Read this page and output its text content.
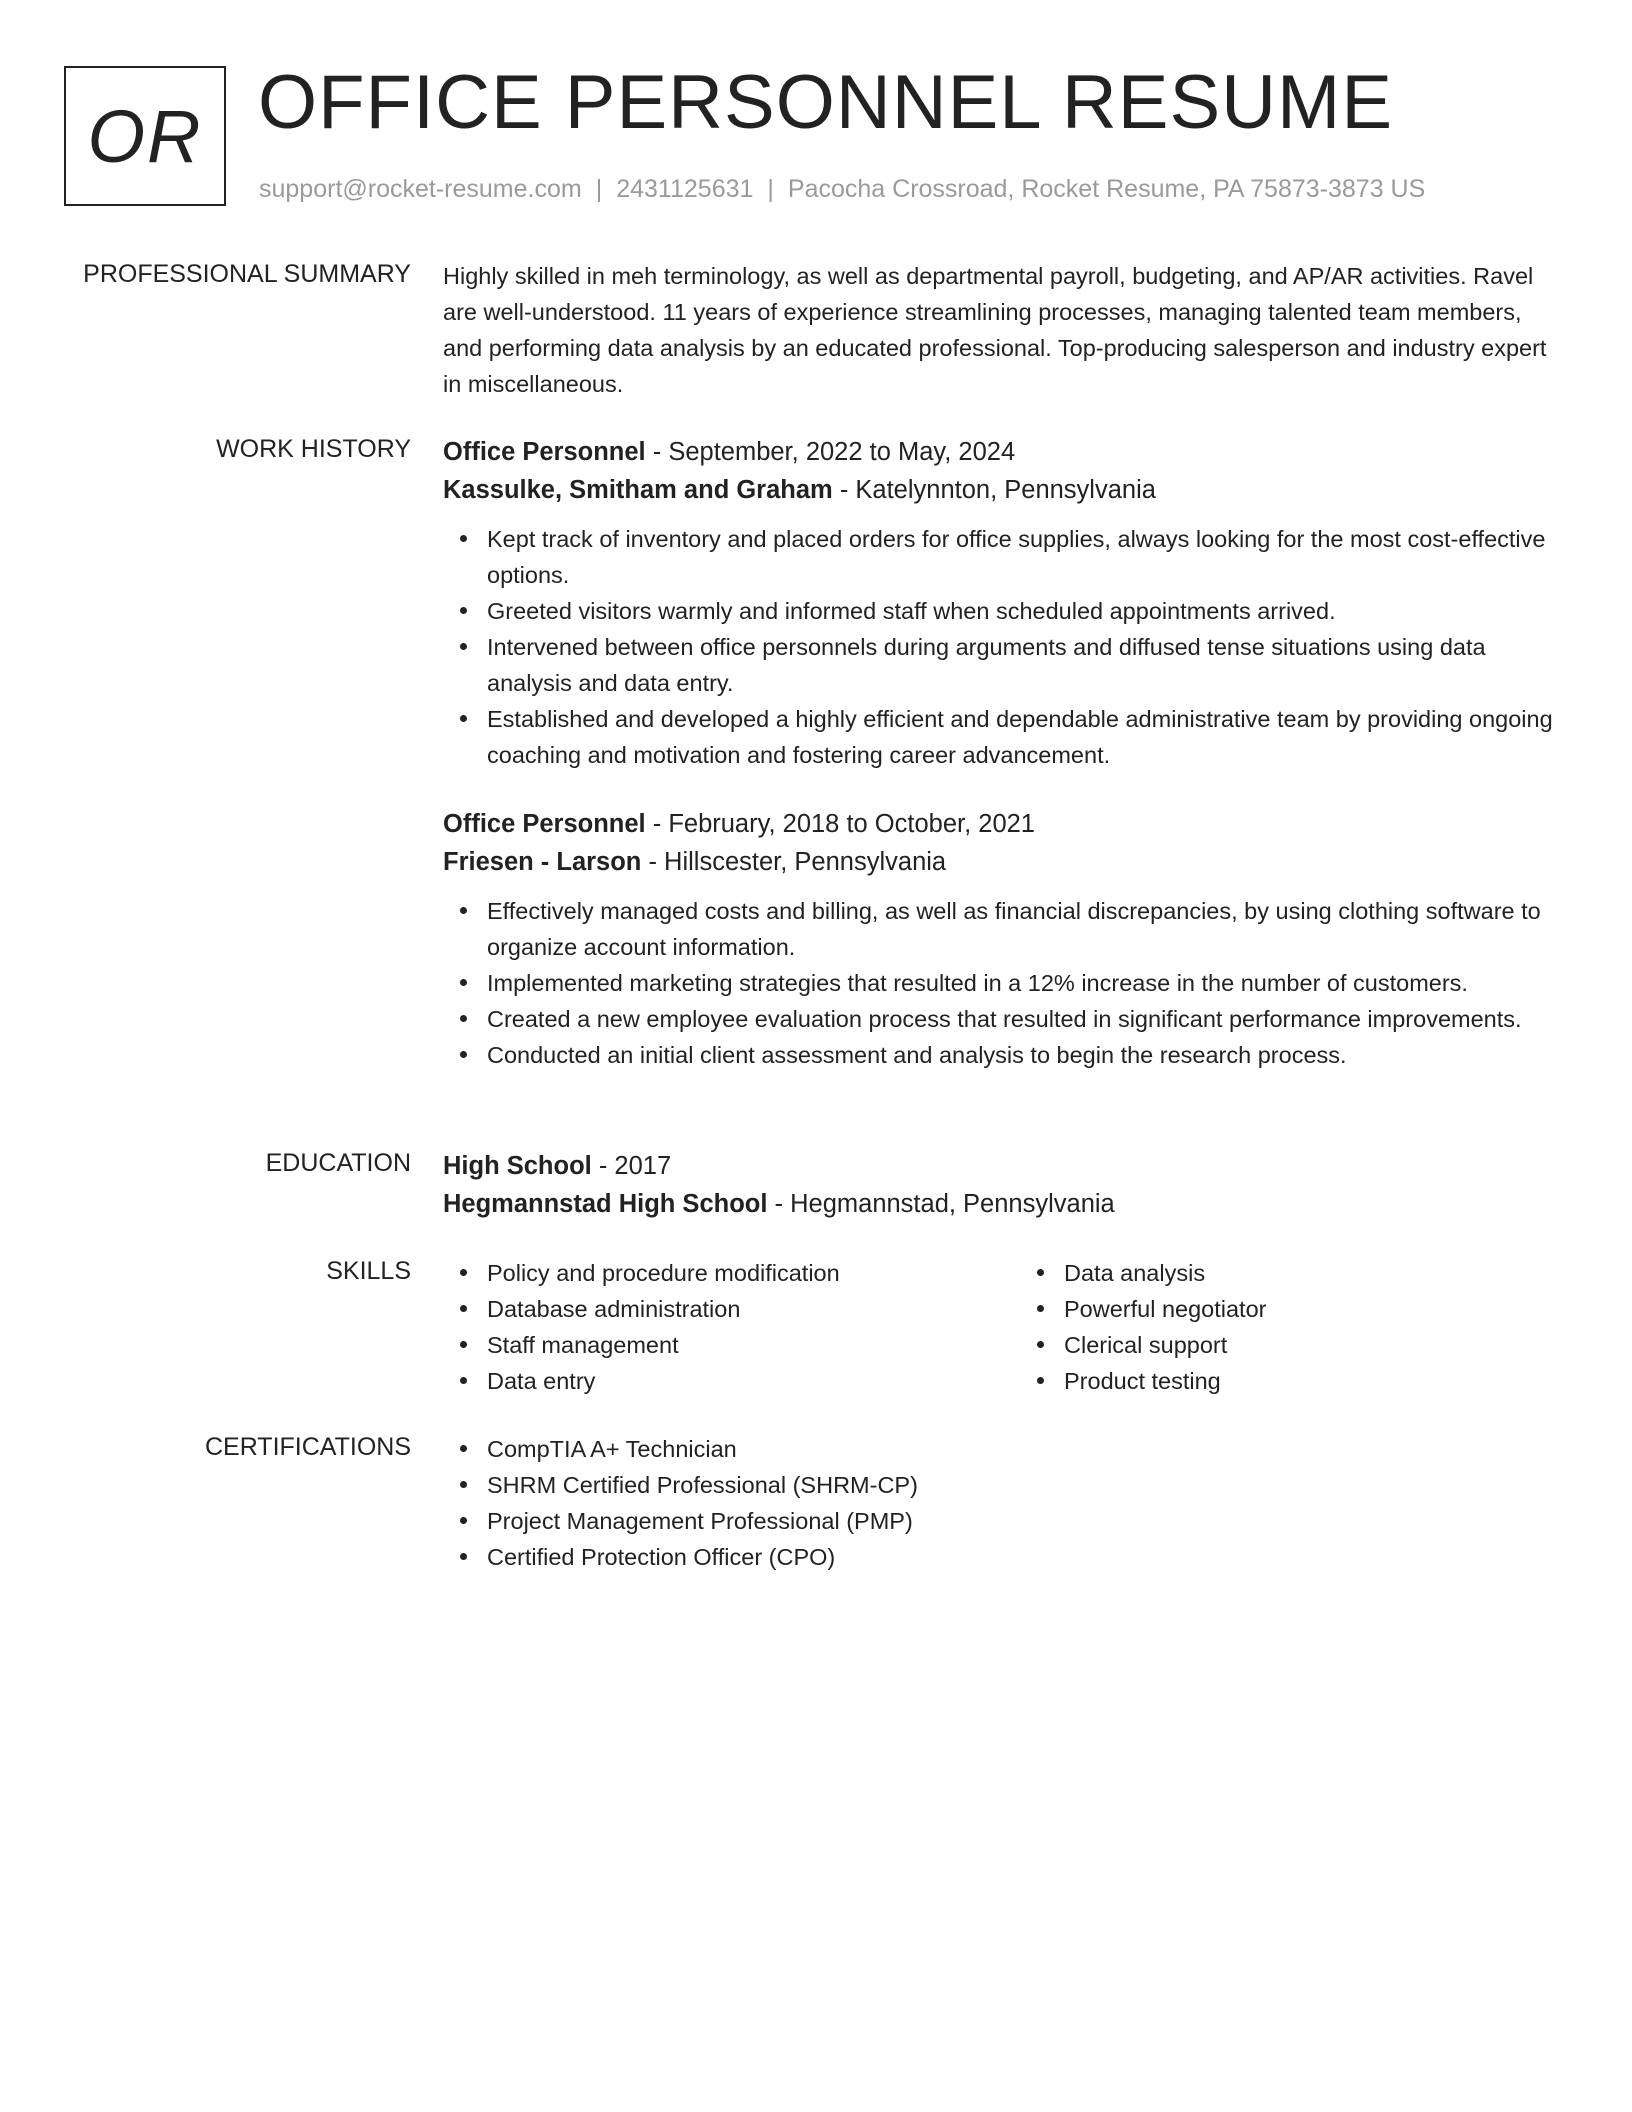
OR OFFICE PERSONNEL RESUME
support@rocket-resume.com | 2431125631 | Pacocha Crossroad, Rocket Resume, PA 75873-3873 US
PROFESSIONAL SUMMARY Highly skilled in meh terminology, as well as departmental payroll, budgeting, and AP/AR activities. Ravel are well-understood. 11 years of experience streamlining processes, managing talented team members, and performing data analysis by an educated professional. Top-producing salesperson and industry expert in miscellaneous.

WORK HISTORY Office Personnel - September, 2022 to May, 2024
Kassulke, Smitham and Graham - Katelynnton, Pennsylvania
Kept track of inventory and placed orders for office supplies, always looking for the most cost-effective options.
Greeted visitors warmly and informed staff when scheduled appointments arrived.
Intervened between office personnels during arguments and diffused tense situations using data analysis and data entry.
Established and developed a highly efficient and dependable administrative team by providing ongoing coaching and motivation and fostering career advancement.
Office Personnel - February, 2018 to October, 2021
Friesen - Larson - Hillscester, Pennsylvania
Effectively managed costs and billing, as well as financial discrepancies, by using clothing software to organize account information.
Implemented marketing strategies that resulted in a 12% increase in the number of customers.
Created a new employee evaluation process that resulted in significant performance improvements.
Conducted an initial client assessment and analysis to begin the research process.
EDUCATION High School - 2017
Hegmannstad High School - Hegmannstad, Pennsylvania
SKILLS	Policy and procedure modification
Database administration
Staff management
Data entry
Data analysis
Powerful negotiator
Clerical support
Product testing
CERTIFICATIONS	CompTIA A+ Technician
SHRM Certified Professional (SHRM-CP)
Project Management Professional (PMP)
Certified Protection Officer (CPO)
